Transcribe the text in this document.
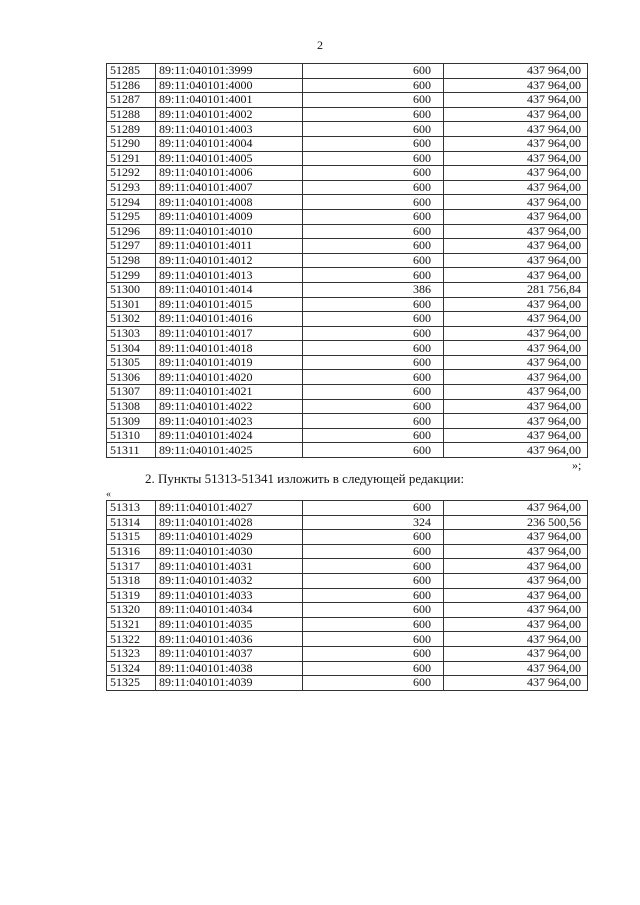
2
51285	89:11:040101:3999	600	437 964,00
51286	89:11:040101:4000	600	437 964,00
51287	89:11:040101:4001	600	437 964,00
51288	89:11:040101:4002	600	437 964,00
51289	89:11:040101:4003	600	437 964,00
51290	89:11:040101:4004	600	437 964,00
51291	89:11:040101:4005	600	437 964,00
51292	89:11:040101:4006	600	437 964,00
51293	89:11:040101:4007	600	437 964,00
51294	89:11:040101:4008	600	437 964,00
51295	89:11:040101:4009	600	437 964,00
51296	89:11:040101:4010	600	437 964,00
51297	89:11:040101:4011	600	437 964,00
51298	89:11:040101:4012	600	437 964,00
51299	89:11:040101:4013	600	437 964,00
51300	89:11:040101:4014	386	281 756,84
51301	89:11:040101:4015	600	437 964,00
51302	89:11:040101:4016	600	437 964,00
51303	89:11:040101:4017	600	437 964,00
51304	89:11:040101:4018	600	437 964,00
51305	89:11:040101:4019	600	437 964,00
51306	89:11:040101:4020	600	437 964,00
51307	89:11:040101:4021	600	437 964,00
51308	89:11:040101:4022	600	437 964,00
51309	89:11:040101:4023	600	437 964,00
51310	89:11:040101:4024	600	437 964,00
51311	89:11:040101:4025	600	437 964,00
»;
2. Пункты 51313-51341 изложить в следующей редакции:
«
51313	89:11:040101:4027	600	437 964,00
51314	89:11:040101:4028	324	236 500,56
51315	89:11:040101:4029	600	437 964,00
51316	89:11:040101:4030	600	437 964,00
51317	89:11:040101:4031	600	437 964,00
51318	89:11:040101:4032	600	437 964,00
51319	89:11:040101:4033	600	437 964,00
51320	89:11:040101:4034	600	437 964,00
51321	89:11:040101:4035	600	437 964,00
51322	89:11:040101:4036	600	437 964,00
51323	89:11:040101:4037	600	437 964,00
51324	89:11:040101:4038	600	437 964,00
51325	89:11:040101:4039	600	437 964,00
